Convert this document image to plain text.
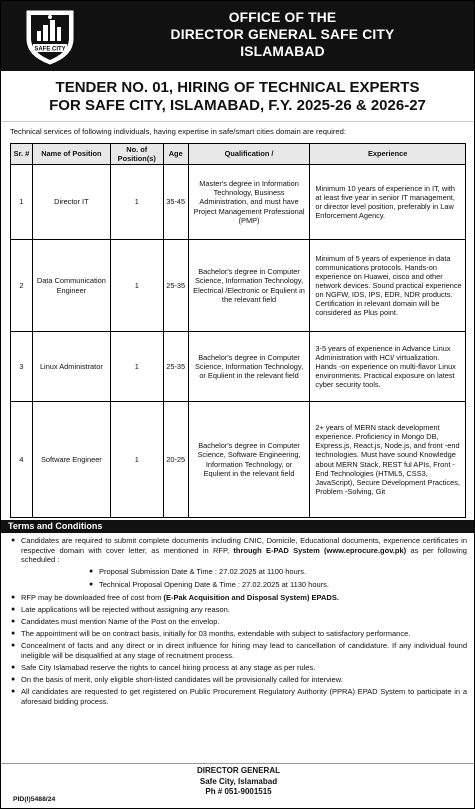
SAFE CITY
OFFICE OF THE
DIRECTOR GENERAL SAFE CITY
ISLAMABAD
TENDER NO. 01, HIRING OF TECHNICAL EXPERTS
FOR SAFE CITY, ISLAMABAD, F.Y. 2025-26 & 2026-27
Technical services of following individuals, having expertise in safe/smart cities domain are required:
Sr. #	Name of Position	No. of Position(s)	Age	Qualification /	Experience
1	Director IT	1	35-45	Master's degree in Information Technology, Business Administration, and must have Project Management Professional (PMP)	Minimum 10 years of experience in IT, with at least five year in senior IT management, or director level position, preferably in Law Enforcement Agency.
2	Data Communication Engineer	1	25-35	Bachelor's degree in Computer Science, Information Technology, Electrical /Electronic or Equlient in the relevant field	Minimum of 5 years of experience in data communications protocols. Hands-on experience on Huawei, cisco and other network devices. Sound practical experience on NGFW, IDS, IPS, EDR, NDR products. Certification in relevant domain will be considered as Plus point.
3	Linux Administrator	1	25-35	Bachelor's degree in Computer Science, Information Technology, or Equlient in the relevant field	3-5 years of experience in Advance Linux Administration with HCI/ virtualization. Hands -on experience on multi-flavor Linux environments. Practical exposure on latest cyber security tools.
4	Software Engineer	1	20-25	Bachelor's degree in Computer Science, Software Engineering, Information Technology, or Equlient in the relevant field	2+ years of MERN stack development experience. Proficiency in Mongo DB, Express.js, React.js, Node.js, and front -end technologies. Must have sound Knowledge about MERN Stack, REST ful APIs, Front -End Technologies (HTML5, CSS3, JavaScript), Secure Development Practices, Problem -Solving, Git
Terms and Conditions
● Candidates are required to submit complete documents including CNIC, Domicile, Educational documents, experience certificates in respective domain with cover letter, as mentioned in RFP, through E-PAD System (www.eprocure.gov.pk) as per following scheduled :
● Proposal Submission Date & Time : 27.02.2025 at 1100 hours.
● Technical Proposal Opening Date & Time : 27.02.2025 at 1130 hours.
● RFP may be downloaded free of cost from (E-Pak Acquisition and Disposal System) EPADS.
● Late applications will be rejected without assigning any reason.
● Candidates must mention Name of the Post on the envelop.
● The appointment will be on contract basis, initially for 03 months, extendable with subject to satisfactory performance.
● Concealment of facts and any direct or in direct influence for hiring may lead to cancellation of candidature. If any individual found ineligible will be disqualified at any stage of recruitment process.
● Safe City Islamabad reserve the rights to cancel hiring process at any stage as per rules.
● On the basis of merit, only eligible short-listed candidates will be provisionally called for interview.
● All candidates are requested to get registered on Public Procurement Regulatory Authority (PPRA) EPAD System to participate in a aforesaid bidding process.
DIRECTOR GENERAL
Safe City, Islamabad
Ph # 051-9001515
PID(I)5488/24
